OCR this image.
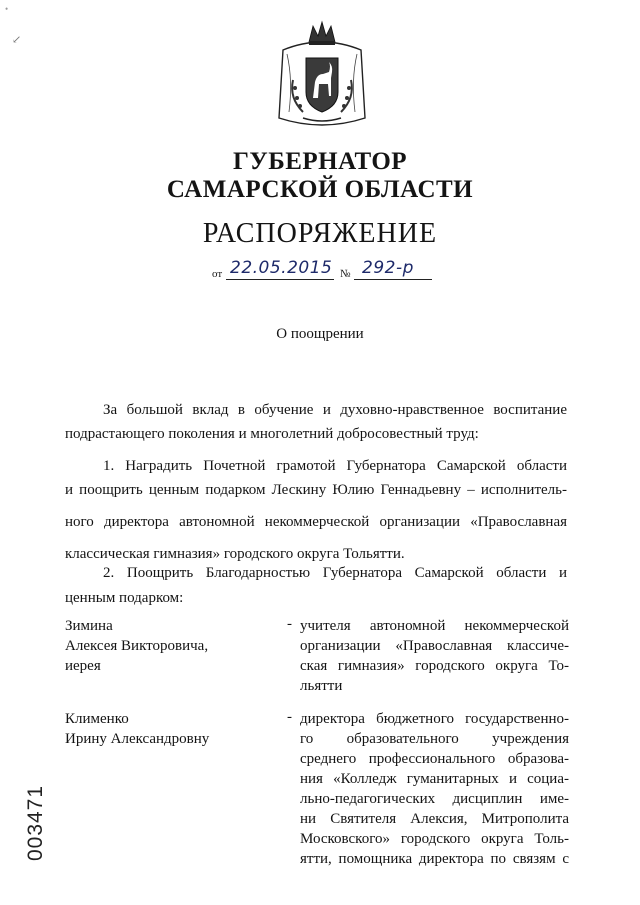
•
↙
ГУБЕРНАТОР
САМАРСКОЙ ОБЛАСТИ
РАСПОРЯЖЕНИЕ
от 22.05.2015 № 292-р
О поощрении
За большой вклад в обучение и духовно-нравственное воспитание
подрастающего поколения и многолетний добросовестный труд:
1. Наградить Почетной грамотой Губернатора Самарской области
и поощрить ценным подарком Лескину Юлию Геннадьевну – исполнитель-
ного директора автономной некоммерческой организации «Православная
классическая гимназия» городского округа Тольятти.
2. Поощрить Благодарностью Губернатора Самарской области и
ценным подарком:
Зимина
Алексея Викторовича,
иерея
- учителя автономной некоммерческой
организации «Православная классиче-
ская гимназия» городского округа То-
льятти
Клименко
Ирину Александровну
- директора бюджетного государственно-
го образовательного учреждения
среднего профессионального образова-
ния «Колледж гуманитарных и социа-
льно-педагогических дисциплин име-
ни Святителя Алексия, Митрополита
Московского» городского округа Толь-
ятти, помощника директора по связям с
003471
